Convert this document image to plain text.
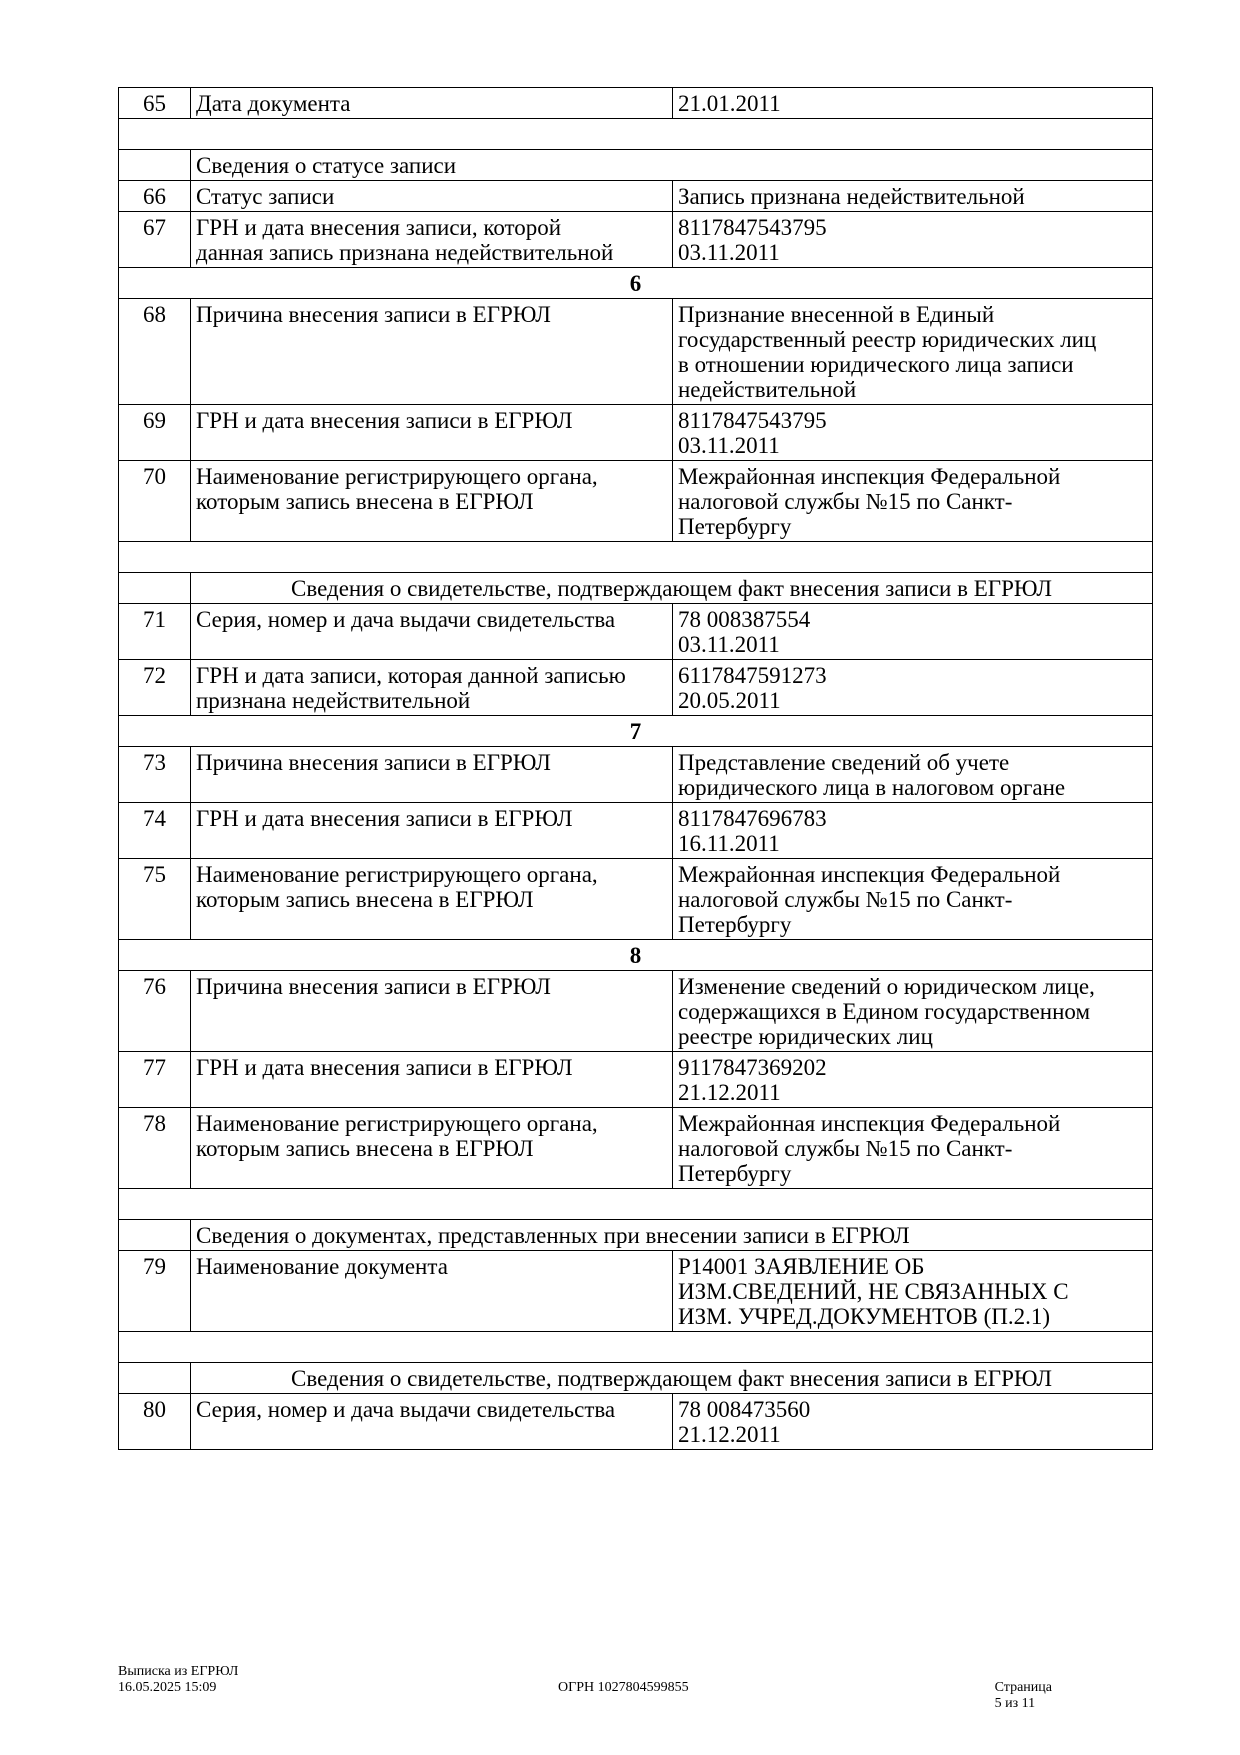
65	Дата документа	21.01.2011

	Сведения о статусе записи	
66	Статус записи	Запись признана недействительной
67	ГРН и дата внесения записи, которой
данная запись признана недействительной	8117847543795
03.11.2011
6		
68	Причина внесения записи в ЕГРЮЛ	Признание внесенной в Единый
государственный реестр юридических лиц
в отношении юридического лица записи
недействительной
69	ГРН и дата внесения записи в ЕГРЮЛ	8117847543795
03.11.2011
70	Наименование регистрирующего органа,
которым запись внесена в ЕГРЮЛ	Межрайонная инспекция Федеральной
налоговой службы №15 по Санкт-
Петербургу

	Сведения о свидетельстве, подтверждающем факт внесения записи в ЕГРЮЛ	
71	Серия, номер и дача выдачи свидетельства	78 008387554
03.11.2011
72	ГРН и дата записи, которая данной записью
признана недействительной	6117847591273
20.05.2011
7		
73	Причина внесения записи в ЕГРЮЛ	Представление сведений об учете
юридического лица в налоговом органе
74	ГРН и дата внесения записи в ЕГРЮЛ	8117847696783
16.11.2011
75	Наименование регистрирующего органа,
которым запись внесена в ЕГРЮЛ	Межрайонная инспекция Федеральной
налоговой службы №15 по Санкт-
Петербургу
8		
76	Причина внесения записи в ЕГРЮЛ	Изменение сведений о юридическом лице,
содержащихся в Едином государственном
реестре юридических лиц
77	ГРН и дата внесения записи в ЕГРЮЛ	9117847369202
21.12.2011
78	Наименование регистрирующего органа,
которым запись внесена в ЕГРЮЛ	Межрайонная инспекция Федеральной
налоговой службы №15 по Санкт-
Петербургу

	Сведения о документах, представленных при внесении записи в ЕГРЮЛ	
79	Наименование документа	Р14001 ЗАЯВЛЕНИЕ ОБ
ИЗМ.СВЕДЕНИЙ, НЕ СВЯЗАННЫХ С
ИЗМ. УЧРЕД.ДОКУМЕНТОВ (П.2.1)

	Сведения о свидетельстве, подтверждающем факт внесения записи в ЕГРЮЛ	
80	Серия, номер и дача выдачи свидетельства	78 008473560
21.12.2011
Выписка из ЕГРЮЛ
16.05.2025 15:09	ОГРН 1027804599855	Страница 5 из 11
